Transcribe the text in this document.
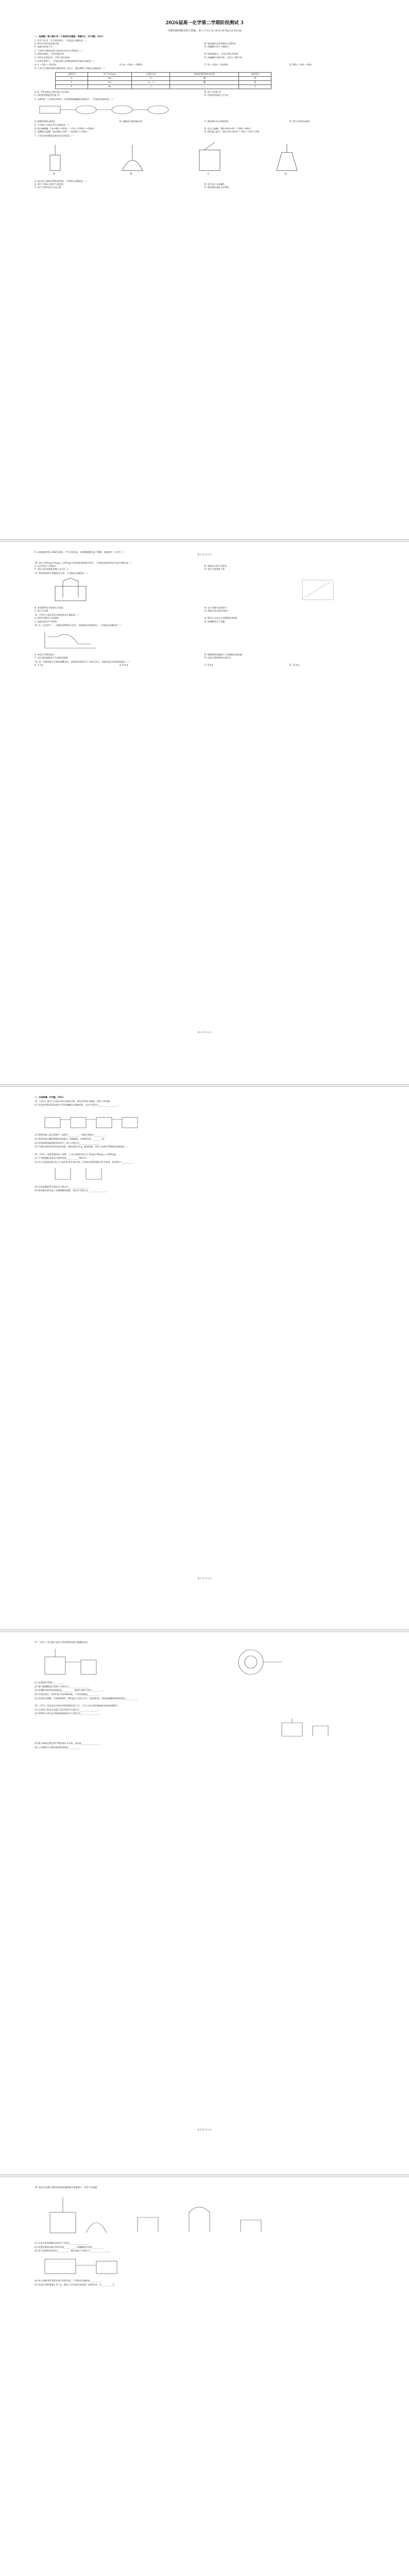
2026届高一化学第二学期阶段测试 3
可能用到的相对原子质量：H-1 C-12 N-14 O-16 Na-23 Fe-56

一、选择题（每小题只有一个选项符合题意，每题3分，共14题，42分）

1. 化学与生活、生产密切相关，下列说法正确的是（ ）

A. SO₂可用作食品漂白剂	B. 硅是制作光导纤维的主要材料
C. 铵盐均易溶于水	D. 浓硫酸可用于干燥氨气

2. 下列有关物质性质与用途具有对应关系的是（ ）

A. NH₃易液化，可用作制冷剂	B. SiO₂硬度大，可用于制光导纤维
C. SO₂具有氧化性，可用于漂白纸浆	D. 浓硫酸具有脱水性，可用于干燥气体

3. 在给定条件下，下列选项所示的物质间转化均能实现的是（ ）

A. S → SO₃ → H₂SO₄	B. N₂ → NO₂ → HNO₃	C. Si → SiO₂ → H₂SiO₃	D. NH₃ → NO → NO₂

4. 下表为几种短周期元素的性质（部分），据此判断下列说法正确的是（ ）

元素符号	原子半径/pm	主要化合价	最高价氧化物的水化物	单质状态
X	160	+2	碱	固
Y	110	+5、-3	酸	固
Z	66	-2	—	气
A. X、Y形成的化合物为离子化合物	B. 原子半径X<Y
C. Z的氢化物稳定性强于Y	D. Y的单质常温下为气态

5. 以黄铁矿（主要成分FeS₂）为原料制备硫酸的流程如下，下列说法错误的是（ ）

A. 煅烧时FeS₂被氧化	B. 接触室中使用催化剂	C. 吸收塔中用水吸收SO₃	D. 尾气可用氨水吸收

6. 下列离子方程式书写正确的是（ ）

A. 铜与稀硝酸：Cu+4H⁺+2NO₃⁻ = Cu²⁺+2NO₂↑+2H₂O	B. 氨水与盐酸：NH₃·H₂O+H⁺ = NH₄⁺+H₂O
C. 硅酸钠与盐酸：Na₂SiO₃+2H⁺ = H₂SiO₃↓+2Na⁺	D. SO₂通入氯水：SO₂+Cl₂+H₂O = SO₄²⁻+2Cl⁻+2H⁺

7. 下列实验装置能达到实验目的的是（ ）

A	B	C	D

8. 某实验小组探究NH₃的性质，下列说法正确的是（ ）

A. 氨气可用向上排空气法收集	B. 氨气溶于水显碱性
C. 氨气与HCl反应生成白雾	D. 氨的催化氧化生成NO₂
第 1 页 共 5 页

9. 向某溶液中加入BaCl₂溶液，产生白色沉淀，再加稀盐酸沉淀不溶解，该溶液中一定含有（ ）

10. 反应 2SO₂(g)+O₂(g) ⇌ 2SO₃(g) 在恒容密闭容器中进行，下列说法能说明反应达到平衡的是（ ）

A. v正(SO₂)=v逆(O₂)	B. 容器内压强不再变化
C. SO₂与O₂的物质的量之比为2∶1	D. 混合气体密度不变

11. 利用如图所示装置进行实验，下列说法正确的是（ ）

A. 该装置将化学能转化为电能	B. 电子由铜片流向锌片
C. 锌片为正极	D. 溶液中H⁺向锌片移动

12. 下列关于氮及其化合物的说法正确的是（ ）

A. NO可用排空气法收集	B. NO₂与水反应生成HNO₃和NO
C. 铵盐受热均产生NH₃	D. 浓硝酸见光不分解

13. 在一定条件下，一定量的A和B发生反应，其能量变化如图所示，下列说法正确的是（ ）

A. 该反应为吸热反应	B. 断键吸收的能量大于成键放出的能量
C. 反应物总能量高于生成物总能量	D. 该反应需要加热才能发生

14. 将一定量的铜与足量浓硝酸反应，收集到标准状况下气体2.24 L，则参加反应的铜的质量为（ ）

A. 3.2 g	B. 6.4 g	C. 9.6 g	D. 12.8 g
第 2 页 共 5 页

二、非选择题（共4题，58分）

15.（14分）某学习小组以SO₂为研究对象，探究其性质与制备，回答下列问题：

(1) 实验室用Na₂SO₃固体与70%硫酸反应制备SO₂，化学方程式为__________________。

(2) 将SO₂通入品红溶液中，现象为__________；加热后现象为__________。

(3) 将SO₂通入酸性KMnO₄溶液中，溶液褪色，体现SO₂的__________性。

(4) 用NaOH溶液吸收SO₂尾气，离子方程式为__________________。

(5) 为测定某Na₂SO₃样品的纯度，称取样品2.0 g，配成溶液，用0.1 mol/L KMnO₄溶液滴定……

16.（14分）氨是重要的化工原料，工业合成氨的反应为 N₂(g)+3H₂(g) ⇌ 2NH₃(g)。

(1) 下列措施能加快反应速率的是__________（填序号）。

(2) 在2 L密闭容器中充入1 mol N₂和3 mol H₂，5 min后测得NH₃为0.4 mol，则v(H₂)=__________。

(3) 实验室制取氨气的化学方程式为__________________。

(4) 氨的催化氧化是工业制硝酸的基础，其化学方程式为__________________。

第 3 页 共 5 页

17.（15分）某兴趣小组用下图装置探究铜与硝酸的反应：

(1) 仪器a的名称是__________。

(2) 铜与稀硝酸反应的离子方程式为__________________。

(3) 装置B中观察到的现象是__________，说明生成的气体为__________。

(4) 实验结束后，向A中加入NaOH溶液，产生的现象是__________。

(5) 若铜完全溶解，共收集到NO、NO₂混合气体1.12 L（标准状况），则消耗硝酸的物质的量为__________。

18.（15分）硅及其化合物在材料领域应用广泛，工业上由石英砂制备高纯硅的流程如下：

(1) 石英砂与焦炭在高温下反应的化学方程式为__________________。

(2) SiHCl₃与H₂反应制备高纯硅的化学方程式为__________________。

(3) 整个制备过程必须严格控制无水无氧，原因是__________________。

(4) 上述流程中可循环使用的物质是__________。

第 4 页 共 5 页

19. 某化学兴趣小组利用如图装置制备并收集氯气，回答下列问题：

(1) 写出实验室制取Cl₂的离子方程式__________________。

(2) 装置中饱和食盐水的作用是__________；浓硫酸的作用是__________。

(3) 尾气处理所用试剂为__________，相应的离子方程式为__________________。

(4) 该小组欲用所得氯水进行性质实验，下列说法正确的是__________。

(5) 若反应消耗MnO₂ 8.7 g，理论上可生成Cl₂的体积（标准状况）为__________ L。
